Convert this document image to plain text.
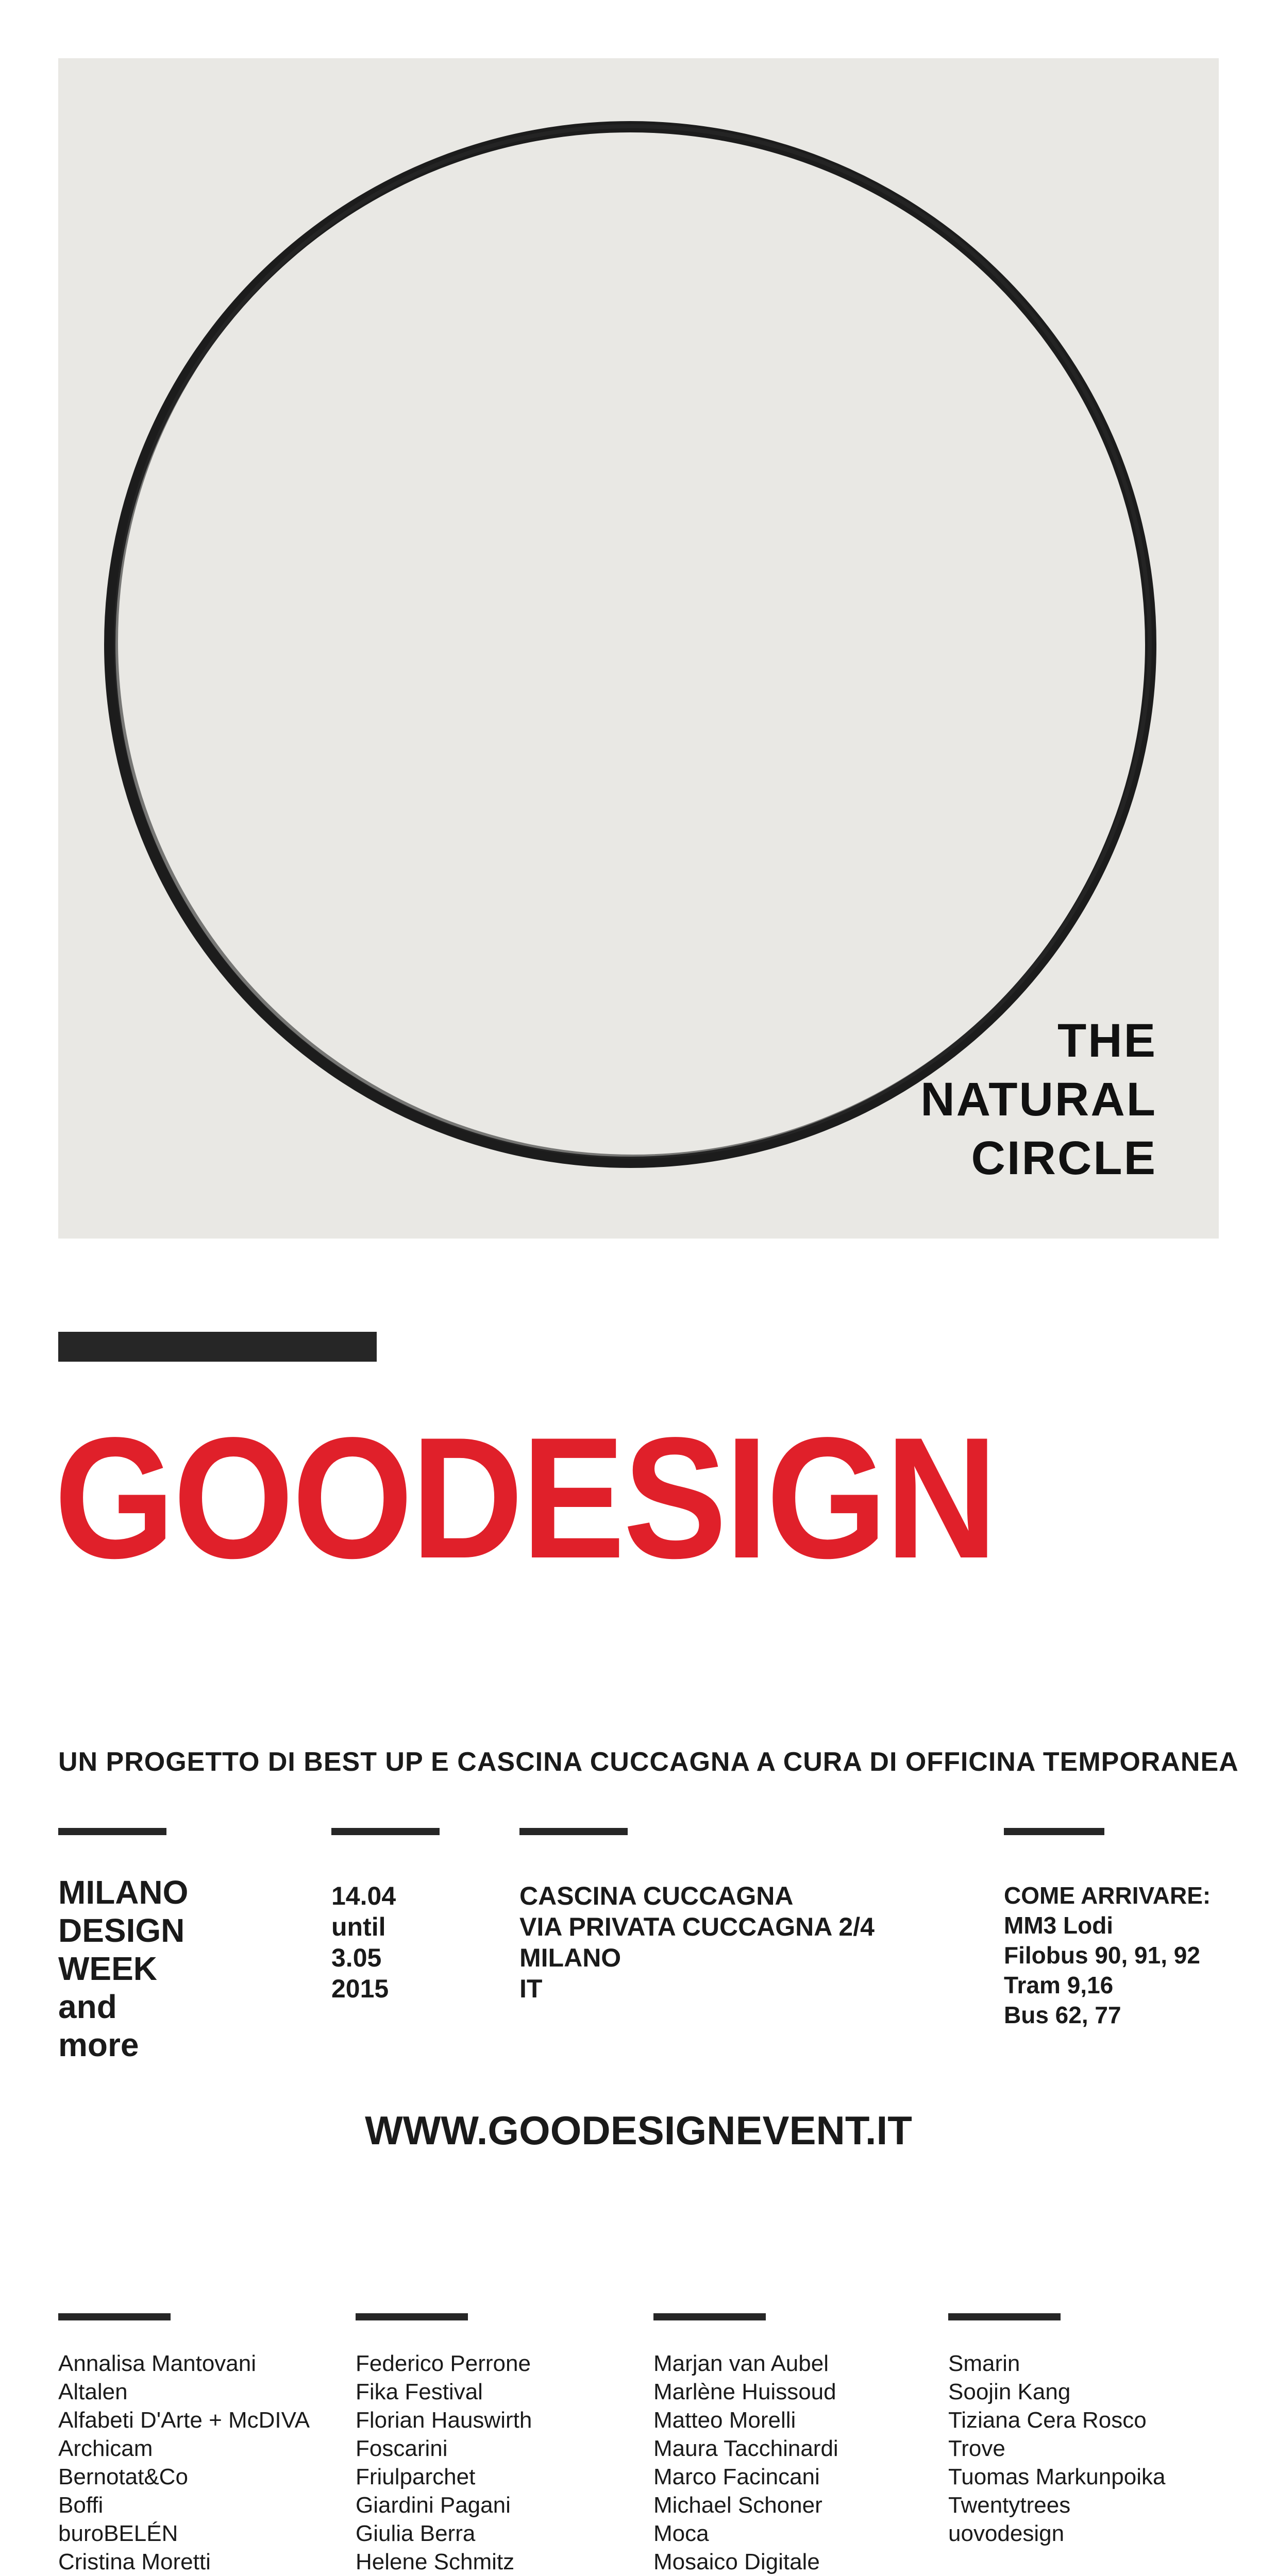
THE
NATURAL
CIRCLE
GOODESIGN
UN PROGETTO DI BEST UP E CASCINA CUCCAGNA A CURA DI OFFICINA TEMPORANEA
MILANO
DESIGN
WEEK
and
more
14.04
until
3.05
2015
CASCINA CUCCAGNA
VIA PRIVATA CUCCAGNA 2/4
MILANO
IT
COME ARRIVARE:
MM3 Lodi
Filobus 90, 91, 92
Tram 9,16
Bus 62, 77
WWW.GOODESIGNEVENT.IT
Annalisa Mantovani
Altalen
Alfabeti D'Arte + McDIVA
Archicam
Bernotat&Co
Boffi
buroBELÉN
Cristina Moretti
Federico Perrone
Fika Festival
Florian Hauswirth
Foscarini
Friulparchet
Giardini Pagani
Giulia Berra
Helene Schmitz
Marjan van Aubel
Marlène Huissoud
Matteo Morelli
Maura Tacchinardi
Marco Facincani
Michael Schoner
Moca
Mosaico Digitale
Smarin
Soojin Kang
Tiziana Cera Rosco
Trove
Tuomas Markunpoika
Twentytrees
uovodesign
